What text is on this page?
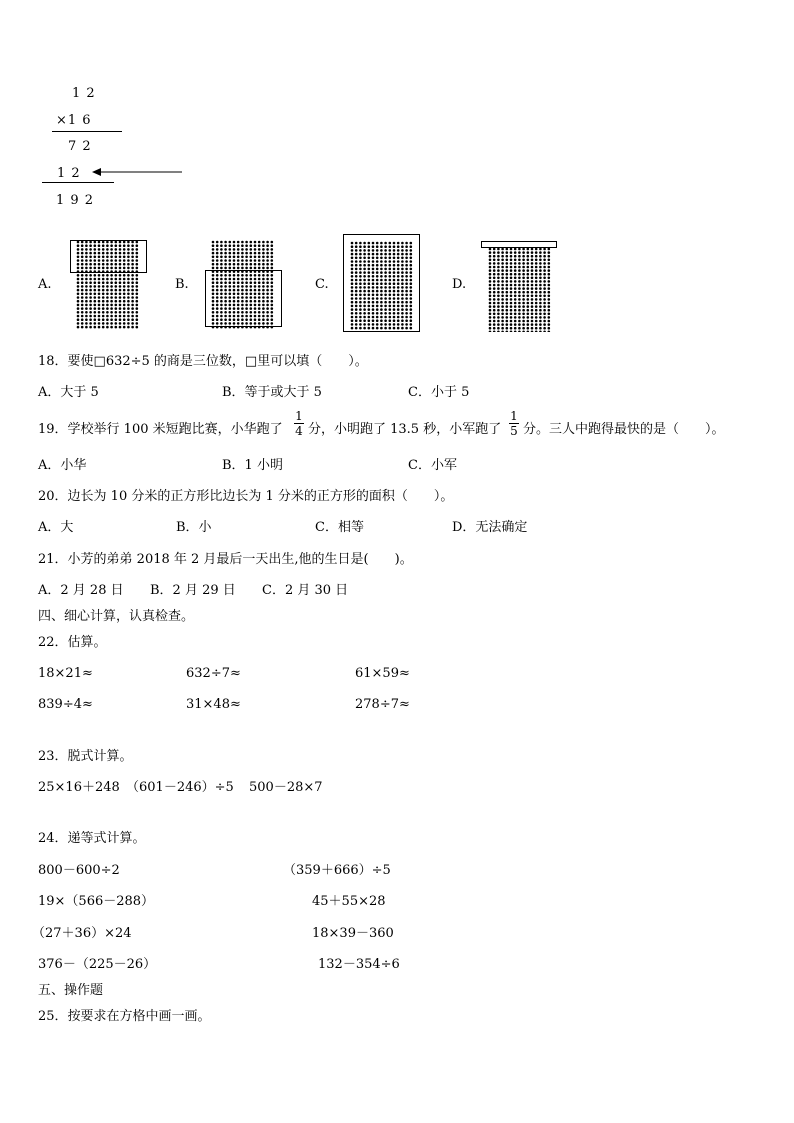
1 2
×1 6
7 2
1 2
1 9 2
A.	B.	C.	D.
18．要使□632÷5 的商是三位数，□里可以填（　　）。
A．大于 5	B．等于或大于 5	C．小于 5
19．学校举行 100 米短跑比赛，小华跑了
1
4 分，小明跑了 13.5 秒，小军跑了
1
5 分。三人中跑得最快的是（　　）。
A．小华	B．1 小明	C．小军
20．边长为 10 分米的正方形比边长为 1 分米的正方形的面积（　　）。
A．大	B．小	C．相等	D．无法确定
21．小芳的弟弟 2018 年 2 月最后一天出生,他的生日是(　　)。
A．2 月 28 日 B．2 月 29 日 C．2 月 30 日
四、细心计算，认真检查。
22．估算。
18×21≈	632÷7≈	61×59≈
839÷4≈	31×48≈	278÷7≈
23．脱式计算。
25×16＋248 （601－246）÷5 500－28×7
24．递等式计算。
800－600÷2	（359＋666）÷5
19×（566－288）	45＋55×28
（27＋36）×24	18×39－360
376－（225－26）	132－354÷6
五、操作题
25．按要求在方格中画一画。
